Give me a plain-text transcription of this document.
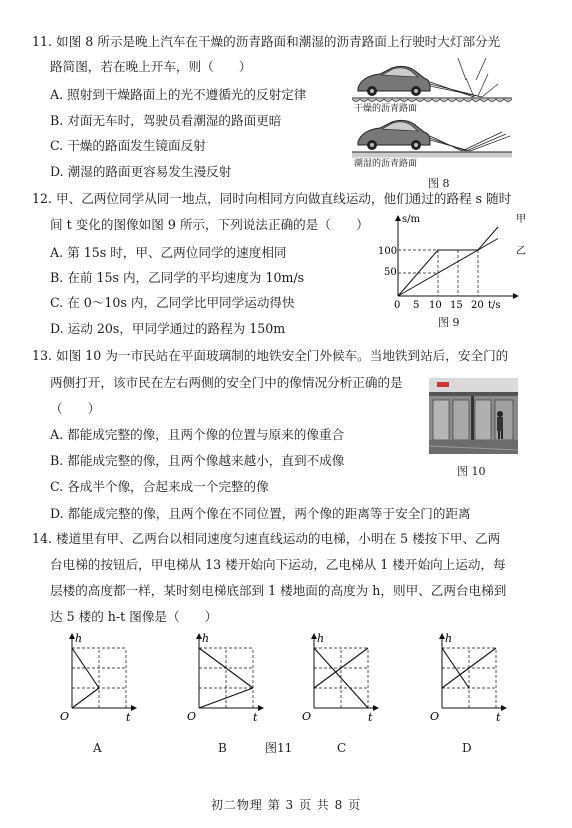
11. 如图 8 所示是晚上汽车在干燥的沥青路面和潮湿的沥青路面上行驶时大灯部分光
路简图，若在晚上开车，则（　　）
A. 照射到干燥路面上的光不遵循光的反射定律
B. 对面无车时，驾驶员看潮湿的路面更暗
C. 干燥的路面发生镜面反射
D. 潮湿的路面更容易发生漫反射
干燥的沥青路面
潮湿的沥青路面
图 8
12. 甲、乙两位同学从同一地点，同时向相同方向做直线运动，他们通过的路程 s 随时
间 t 变化的图像如图 9 所示，下列说法正确的是（　　）
A. 第 15s 时，甲、乙两位同学的速度相同
B. 在前 15s 内，乙同学的平均速度为 10m/s
C. 在 0～10s 内，乙同学比甲同学运动得快
D. 运动 20s，甲同学通过的路程为 150m
s/m
t/s
甲
乙
100
50
0 5 10 15 20
图 9
13. 如图 10 为一市民站在平面玻璃制的地铁安全门外候车。当地铁到站后，安全门的
两侧打开，该市民在左右两侧的安全门中的像情况分析正确的是
（　　）
A. 都能成完整的像，且两个像的位置与原来的像重合
B. 都能成完整的像，且两个像越来越小，直到不成像
C. 各成半个像，合起来成一个完整的像
D. 都能成完整的像，且两个像在不同位置，两个像的距离等于安全门的距离
图 10
14. 楼道里有甲、乙两台以相同速度匀速直线运动的电梯，小明在 5 楼按下甲、乙两
台电梯的按钮后，甲电梯从 13 楼开始向下运动，乙电梯从 1 楼开始向上运动，每
层楼的高度都一样，某时刻电梯底部到 1 楼地面的高度为 h，则甲、乙两台电梯到
达 5 楼的 h-t 图像是（　　）
h
t
O
h
t
O
h
t
O
h
t
O
A	B	图11	C	D
初二物理 第 3 页 共 8 页
